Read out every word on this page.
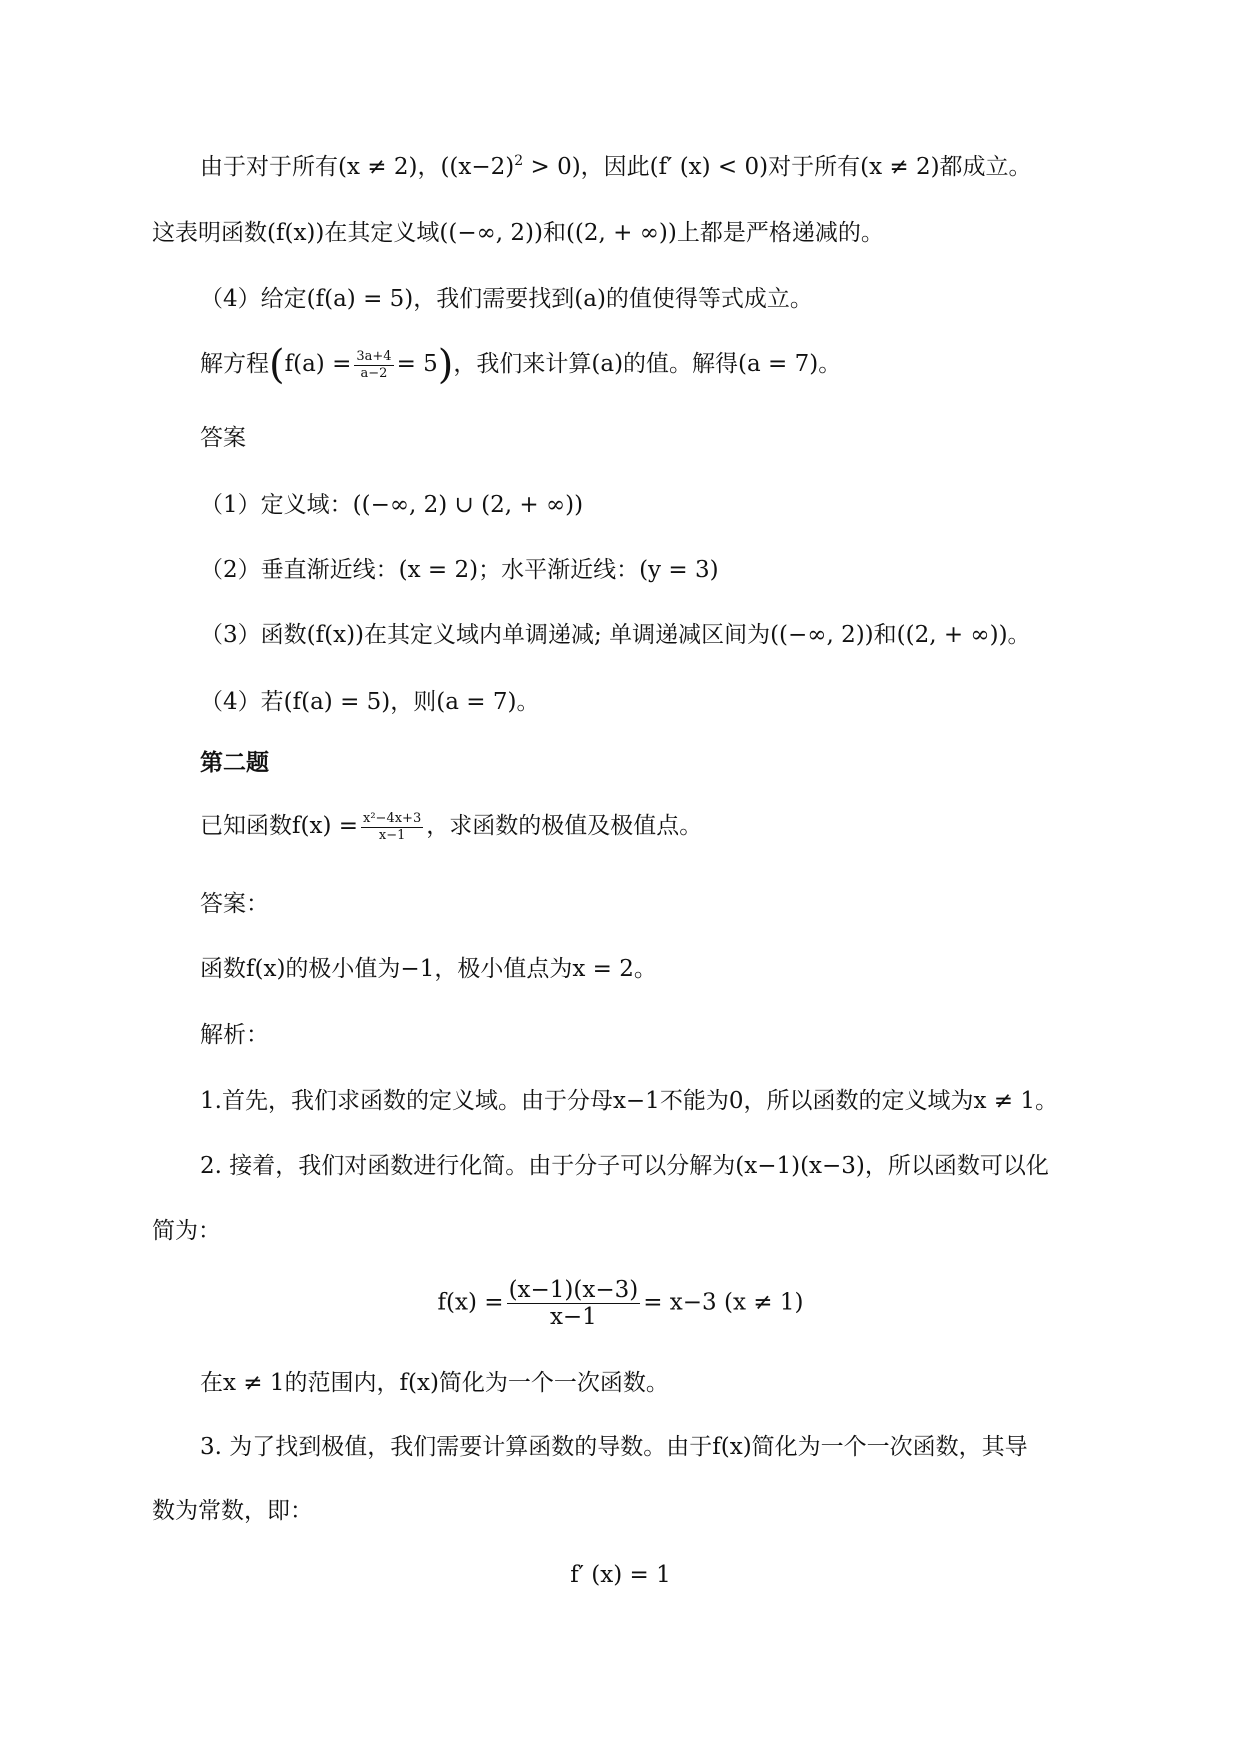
由于对于所有(x ≠ 2)，$((x-2)^2 > 0)$，因此(f′ (x) < 0)对于所有(x ≠ 2)都成立。
这表明函数(f(x))在其定义域((−∞, 2))和((2, + ∞))上都是严格递减的。
（4）给定(f(a) = 5)，我们需要找到(a)的值使得等式成立。
解方程$(f(a) = \frac{3a+4}{a-2} = 5)$，我们来计算(a)的值。解得(a = 7)。
答案
（1）定义域：((−∞, 2) ∪ (2, + ∞))
（2）垂直渐近线：(x = 2)；水平渐近线：(y = 3)
（3）函数(f(x))在其定义域内单调递减; 单调递减区间为((−∞, 2))和((2, + ∞))。
（4）若(f(a) = 5)，则(a = 7)。
第二题
已知函数$f(x) = \frac{\text{x²−4x+3}}{x-1}$ ，求函数的极值及极值点。
答案：
函数f(x)的极小值为−1，极小值点为x = 2。
解析：
1.首先，我们求函数的定义域。由于分母x−1不能为0，所以函数的定义域为x ≠ 1。
2. 接着，我们对函数进行化简。由于分子可以分解为(x−1)(x−3)，所以函数可以化
简为：
$f(x) = \frac{(x-1)(x-3)}{x-1} = x-3$ (x ≠ 1)
在x ≠ 1的范围内，f(x)简化为一个一次函数。
3. 为了找到极值，我们需要计算函数的导数。由于f(x)简化为一个一次函数，其导
数为常数，即：
f′ (x) = 1
